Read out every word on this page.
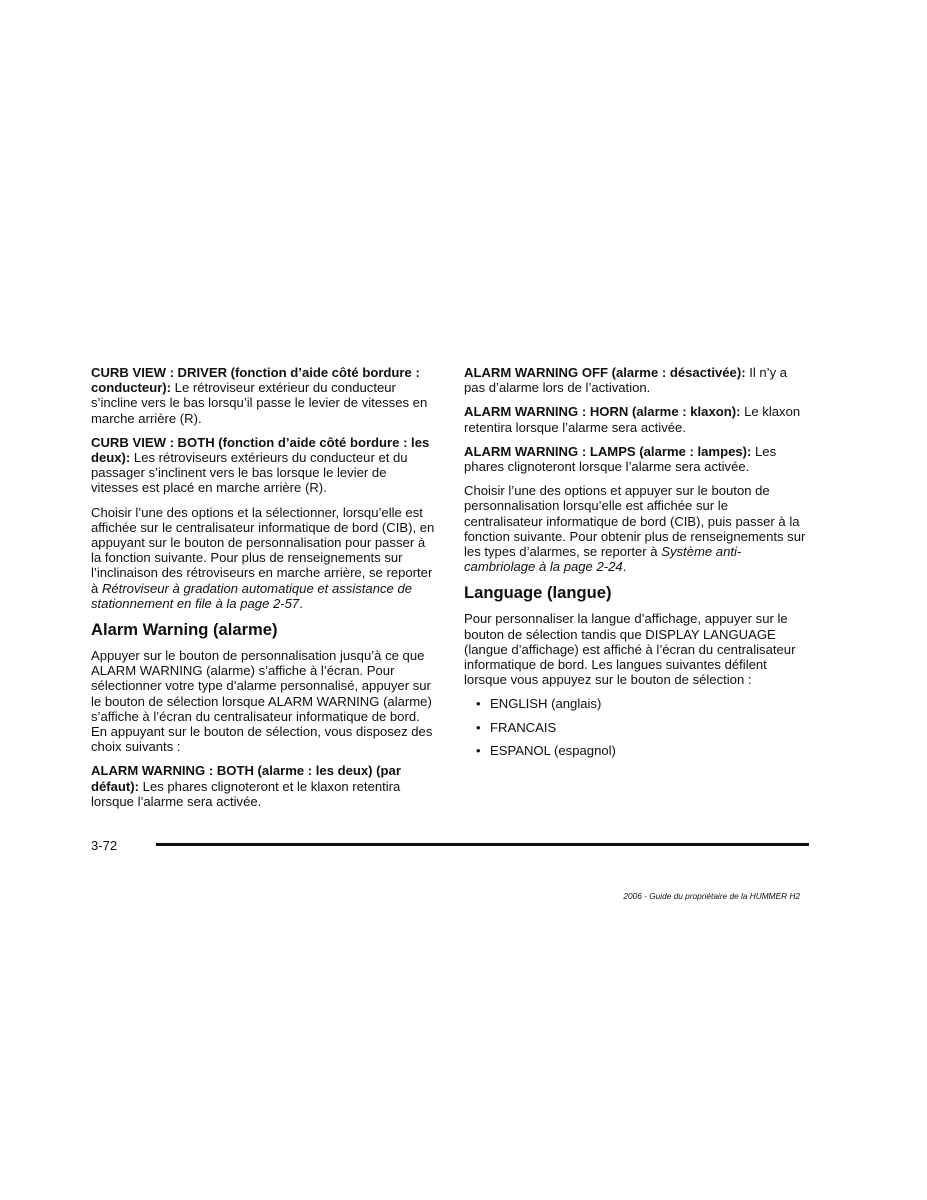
CURB VIEW : DRIVER (fonction d’aide côté bordure : conducteur): Le rétroviseur extérieur du conducteur s’incline vers le bas lorsqu’il passe le levier de vitesses en marche arrière (R).

CURB VIEW : BOTH (fonction d’aide côté bordure : les deux): Les rétroviseurs extérieurs du conducteur et du passager s’inclinent vers le bas lorsque le levier de vitesses est placé en marche arrière (R).

Choisir l’une des options et la sélectionner, lorsqu’elle est affichée sur le centralisateur informatique de bord (CIB), en appuyant sur le bouton de personnalisation pour passer à la fonction suivante. Pour plus de renseignements sur l’inclinaison des rétroviseurs en marche arrière, se reporter à Rétroviseur à gradation automatique et assistance de stationnement en file à la page 2-57.

Alarm Warning (alarme)

Appuyer sur le bouton de personnalisation jusqu’à ce que ALARM WARNING (alarme) s’affiche à l’écran. Pour sélectionner votre type d’alarme personnalisé, appuyer sur le bouton de sélection lorsque ALARM WARNING (alarme) s’affiche à l’écran du centralisateur informatique de bord. En appuyant sur le bouton de sélection, vous disposez des choix suivants :

ALARM WARNING : BOTH (alarme : les deux) (par défaut): Les phares clignoteront et le klaxon retentira lorsque l’alarme sera activée.

ALARM WARNING OFF (alarme : désactivée): Il n’y a pas d’alarme lors de l’activation.

ALARM WARNING : HORN (alarme : klaxon): Le klaxon retentira lorsque l’alarme sera activée.

ALARM WARNING : LAMPS (alarme : lampes): Les phares clignoteront lorsque l’alarme sera activée.

Choisir l’une des options et appuyer sur le bouton de personnalisation lorsqu’elle est affichée sur le centralisateur informatique de bord (CIB), puis passer à la fonction suivante. Pour obtenir plus de renseignements sur les types d’alarmes, se reporter à Système anti-cambriolage à la page 2-24.

Language (langue)

Pour personnaliser la langue d’affichage, appuyer sur le bouton de sélection tandis que DISPLAY LANGUAGE (langue d’affichage) est affiché à l’écran du centralisateur informatique de bord. Les langues suivantes défilent lorsque vous appuyez sur le bouton de sélection :

• ENGLISH (anglais)
• FRANCAIS
• ESPANOL (espagnol)
3-72
2006 - Guide du propriétaire de la HUMMER H2
